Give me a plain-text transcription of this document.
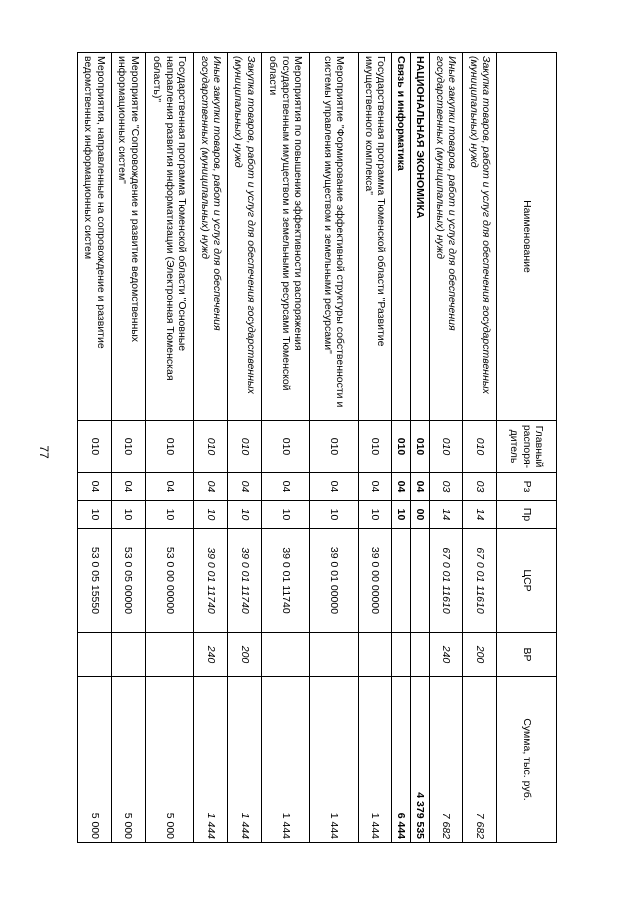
77
Наименование	Главный распоря-дитель	Рз	Пр	ЦСР	ВР	Сумма, тыс. руб.
Закупка товаров, работ и услуг для обеспечения государственных (муниципальных) нужд	010	03	14	67 0 01 11610	200	7 682
Иные закупки товаров, работ и услуг для обеспечения государственных (муниципальных) нужд	010	03	14	67 0 01 11610	240	7 682
НАЦИОНАЛЬНАЯ ЭКОНОМИКА	010	04	00			4 379 535
Связь и информатика	010	04	10			6 444
Государственная программа Тюменской области "Развитие имущественного комплекса"	010	04	10	39 0 00 00000		1 444
Мероприятие "Формирование эффективной структуры собственности и системы управления имуществом и земельными ресурсами"	010	04	10	39 0 01 00000		1 444
Мероприятия по повышению эффективности распоряжения государственным имуществом и земельными ресурсами Тюменской области	010	04	10	39 0 01 11740		1 444
Закупка товаров, работ и услуг для обеспечения государственных (муниципальных) нужд	010	04	10	39 0 01 11740	200	1 444
Иные закупки товаров, работ и услуг для обеспечения государственных (муниципальных) нужд	010	04	10	39 0 01 11740	240	1 444
Государственная программа Тюменской области "Основные направления развития информатизации (Электронная Тюменская область)"	010	04	10	53 0 00 00000		5 000
Мероприятие "Сопровождение и развитие ведомственных информационных систем"	010	04	10	53 0 05 00000		5 000
Мероприятия, направленные на сопровождение и развитие ведомственных информационных систем	010	04	10	53 0 05 15550		5 000
